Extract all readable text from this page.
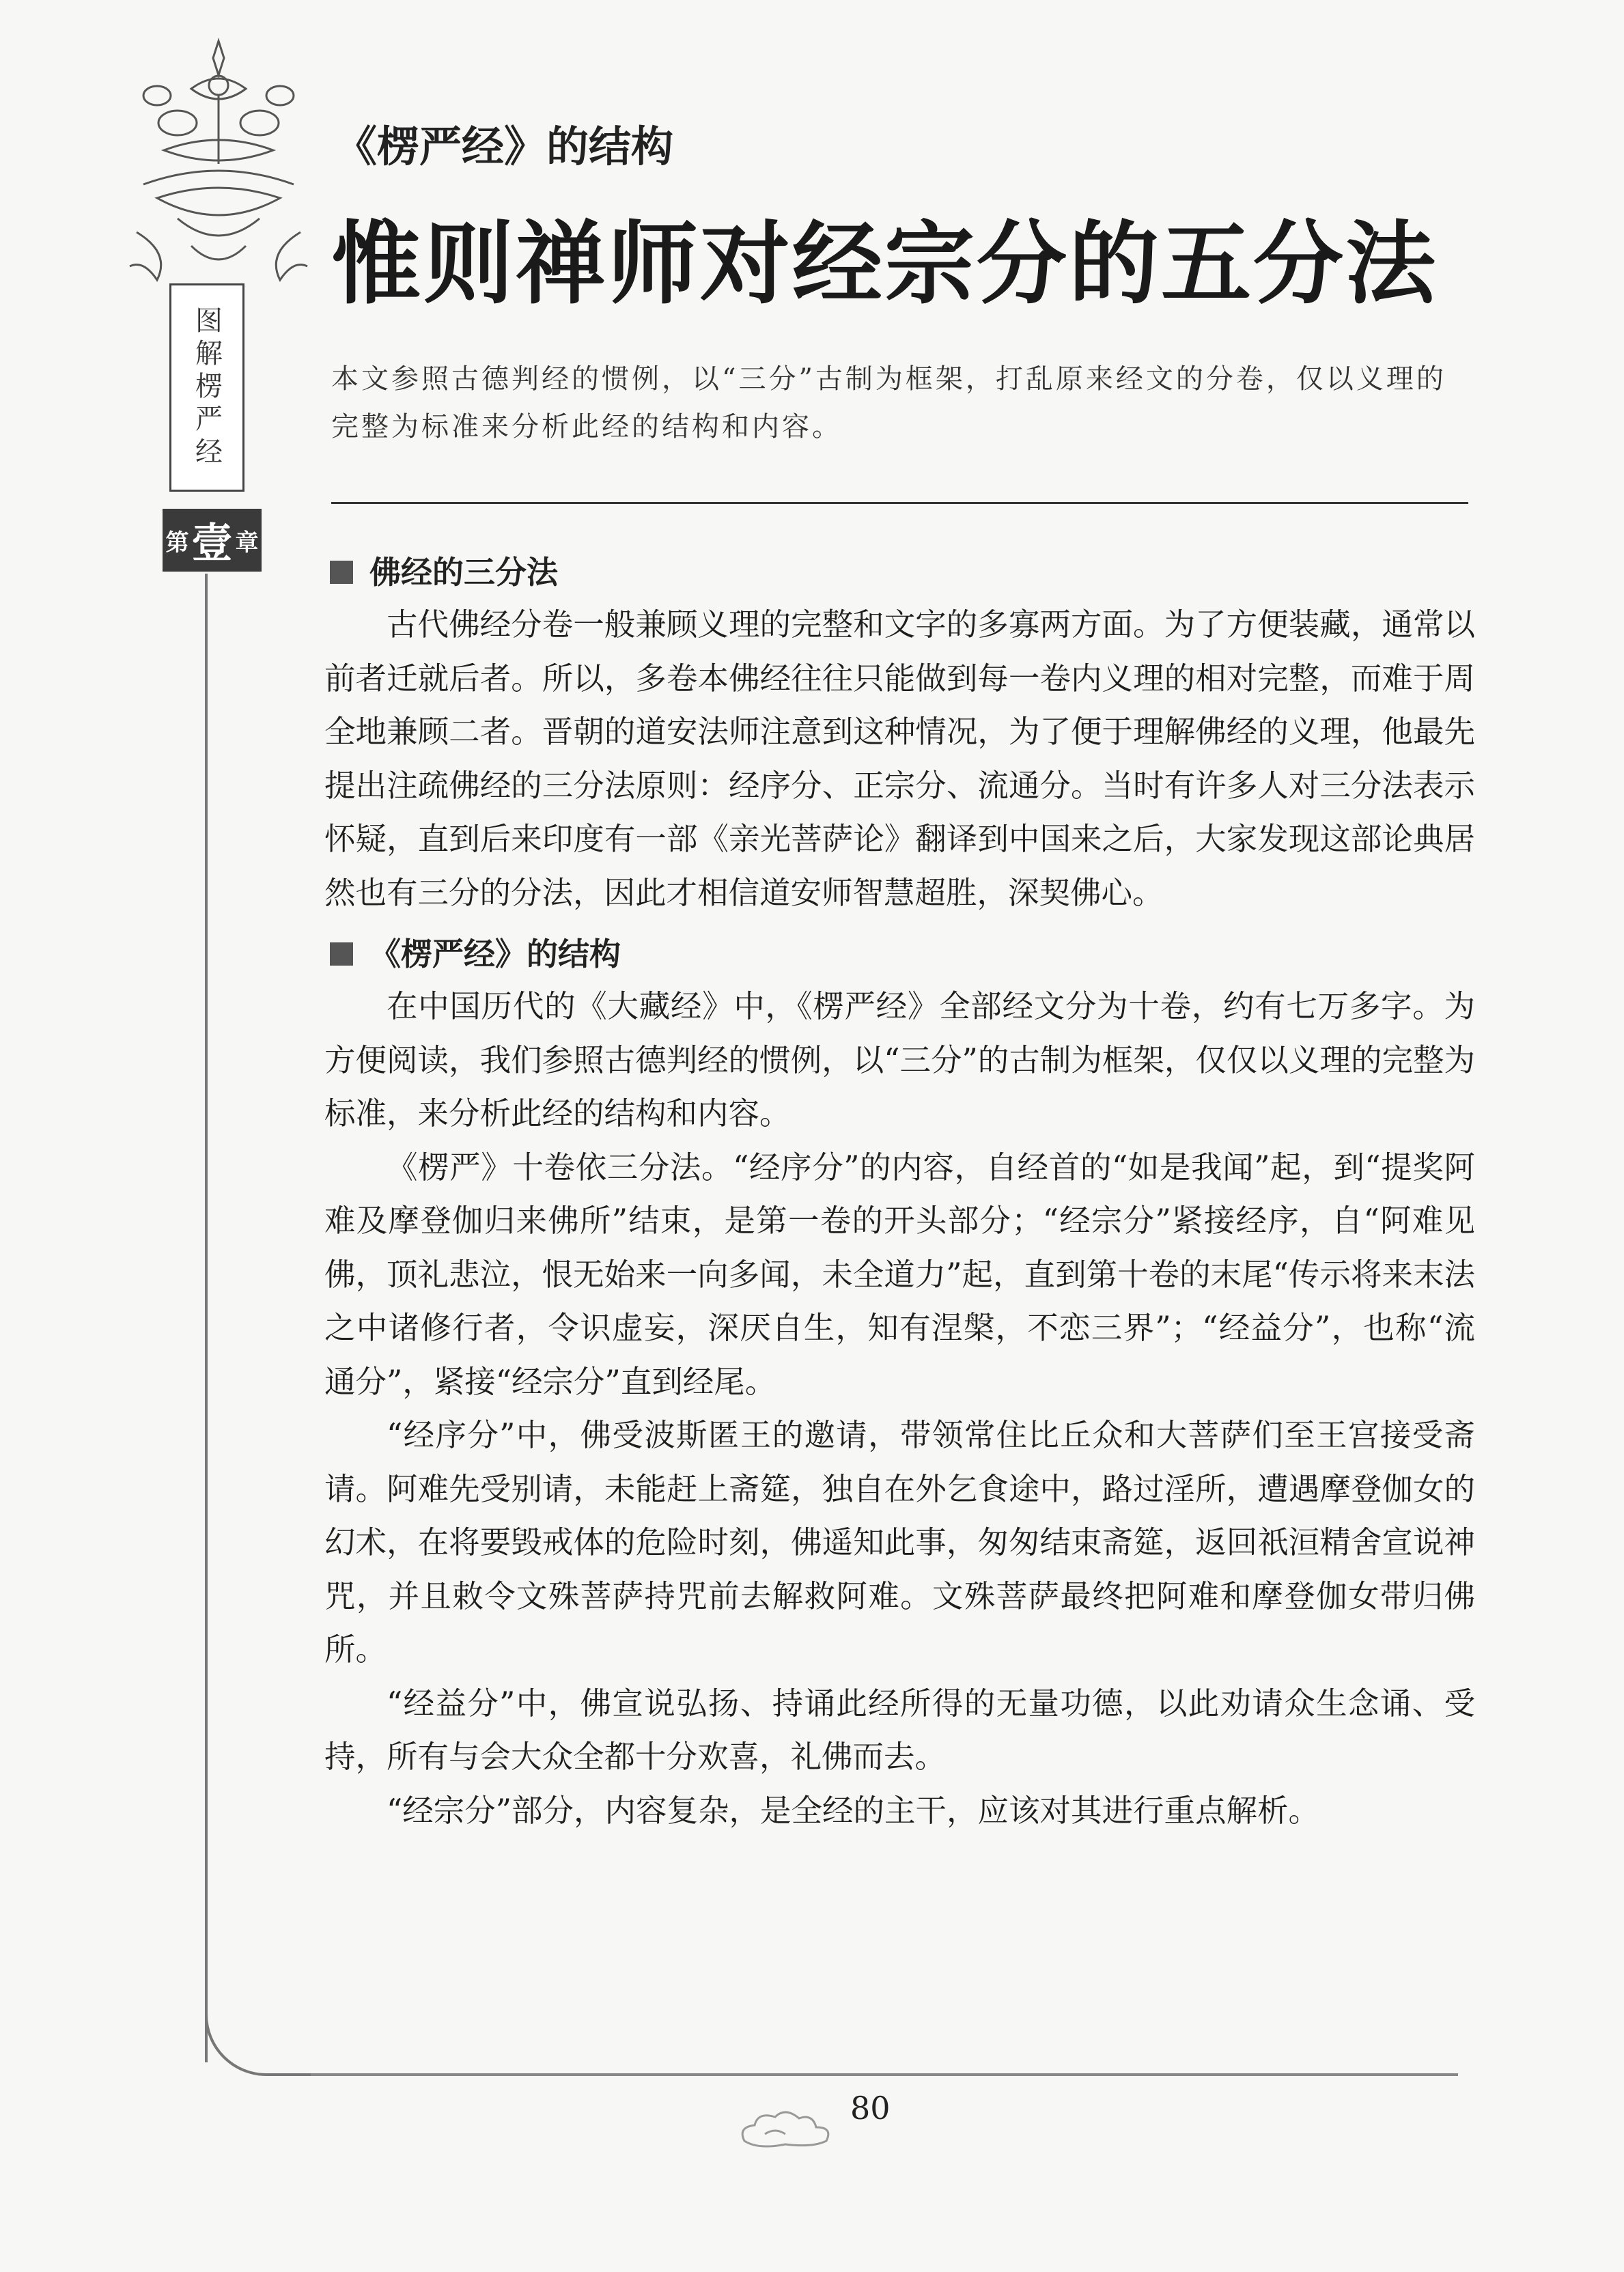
图解楞严经
第 壹 章
《楞严经》的结构
惟则禅师对经宗分的五分法

本文参照古德判经的惯例，以“三分”古制为框架，打乱原来经文的分卷，仅以义理的完整为标准来分析此经的结构和内容。

佛经的三分法

古代佛经分卷一般兼顾义理的完整和文字的多寡两方面。为了方便装藏，通常以前者迁就后者。所以，多卷本佛经往往只能做到每一卷内义理的相对完整，而难于周全地兼顾二者。晋朝的道安法师注意到这种情况，为了便于理解佛经的义理，他最先提出注疏佛经的三分法原则：经序分、正宗分、流通分。当时有许多人对三分法表示怀疑，直到后来印度有一部《亲光菩萨论》翻译到中国来之后，大家发现这部论典居然也有三分的分法，因此才相信道安师智慧超胜，深契佛心。

《楞严经》的结构

在中国历代的《大藏经》中，《楞严经》全部经文分为十卷，约有七万多字。为方便阅读，我们参照古德判经的惯例，以“三分”的古制为框架，仅仅以义理的完整为标准，来分析此经的结构和内容。

《楞严》十卷依三分法。“经序分”的内容，自经首的“如是我闻”起，到“提奖阿难及摩登伽归来佛所”结束，是第一卷的开头部分；“经宗分”紧接经序，自“阿难见佛，顶礼悲泣，恨无始来一向多闻，未全道力”起，直到第十卷的末尾“传示将来末法之中诸修行者，令识虚妄，深厌自生，知有涅槃，不恋三界”；“经益分”，也称“流通分”，紧接“经宗分”直到经尾。

“经序分”中，佛受波斯匿王的邀请，带领常住比丘众和大菩萨们至王宫接受斋请。阿难先受别请，未能赶上斋筵，独自在外乞食途中，路过淫所，遭遇摩登伽女的幻术，在将要毁戒体的危险时刻，佛遥知此事，匆匆结束斋筵，返回祇洹精舍宣说神咒，并且敕令文殊菩萨持咒前去解救阿难。文殊菩萨最终把阿难和摩登伽女带归佛所。

“经益分”中，佛宣说弘扬、持诵此经所得的无量功德，以此劝请众生念诵、受持，所有与会大众全都十分欢喜，礼佛而去。

“经宗分”部分，内容复杂，是全经的主干，应该对其进行重点解析。

80
